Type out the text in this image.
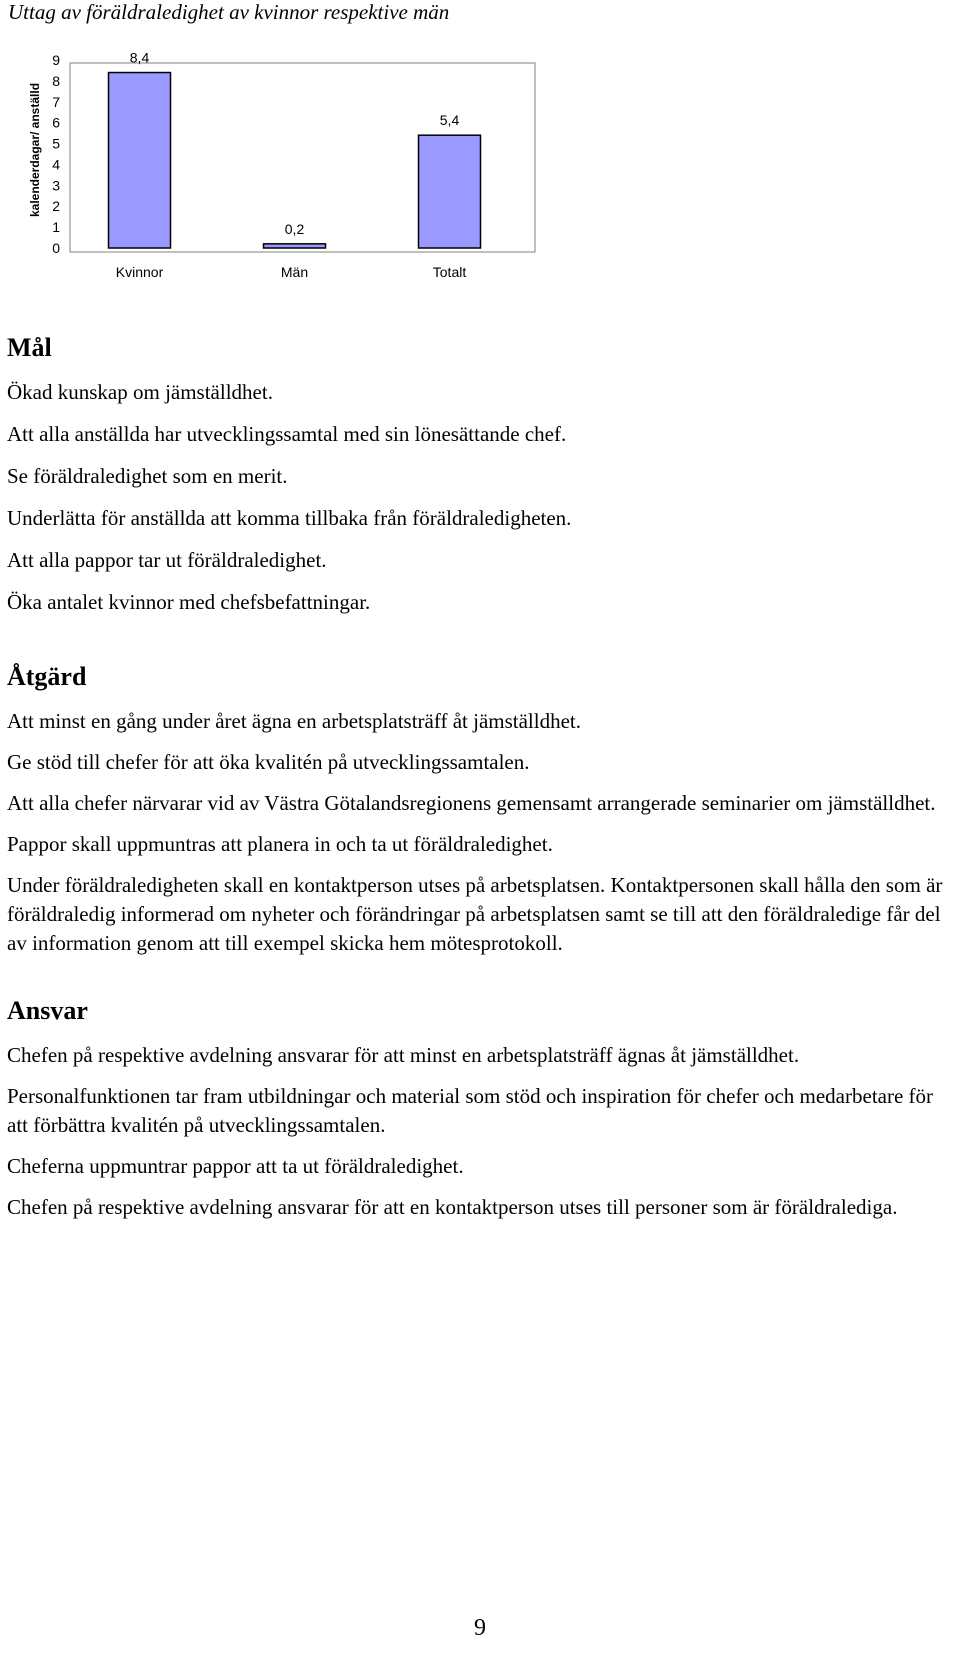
Uttag av föräldraledighet av kvinnor respektive män
kalenderdagar/ anställd
0
1
2
3
4
5
6
7
8
9	8,4
0,2
5,4
Kvinnor	Män	Totalt
Mål

Ökad kunskap om jämställdhet.

Att alla anställda har utvecklingssamtal med sin lönesättande chef.

Se föräldraledighet som en merit.

Underlätta för anställda att komma tillbaka från föräldraledigheten.

Att alla pappor tar ut föräldraledighet.

Öka antalet kvinnor med chefsbefattningar.

Åtgärd

Att minst en gång under året ägna en arbetsplatsträff åt jämställdhet.

Ge stöd till chefer för att öka kvalitén på utvecklingssamtalen.

Att alla chefer närvarar vid av Västra Götalandsregionens gemensamt arrangerade seminarier om jämställdhet.

Pappor skall uppmuntras att planera in och ta ut föräldraledighet.

Under föräldraledigheten skall en kontaktperson utses på arbetsplatsen. Kontaktpersonen skall hålla den som är föräldraledig informerad om nyheter och förändringar på arbetsplatsen samt se till att den föräldraledige får del av information genom att till exempel skicka hem mötesprotokoll.

Ansvar

Chefen på respektive avdelning ansvarar för att minst en arbetsplatsträff ägnas åt jämställdhet.

Personalfunktionen tar fram utbildningar och material som stöd och inspiration för chefer och medarbetare för att förbättra kvalitén på utvecklingssamtalen.

Cheferna uppmuntrar pappor att ta ut föräldraledighet.

Chefen på respektive avdelning ansvarar för att en kontaktperson utses till personer som är föräldralediga.

9
